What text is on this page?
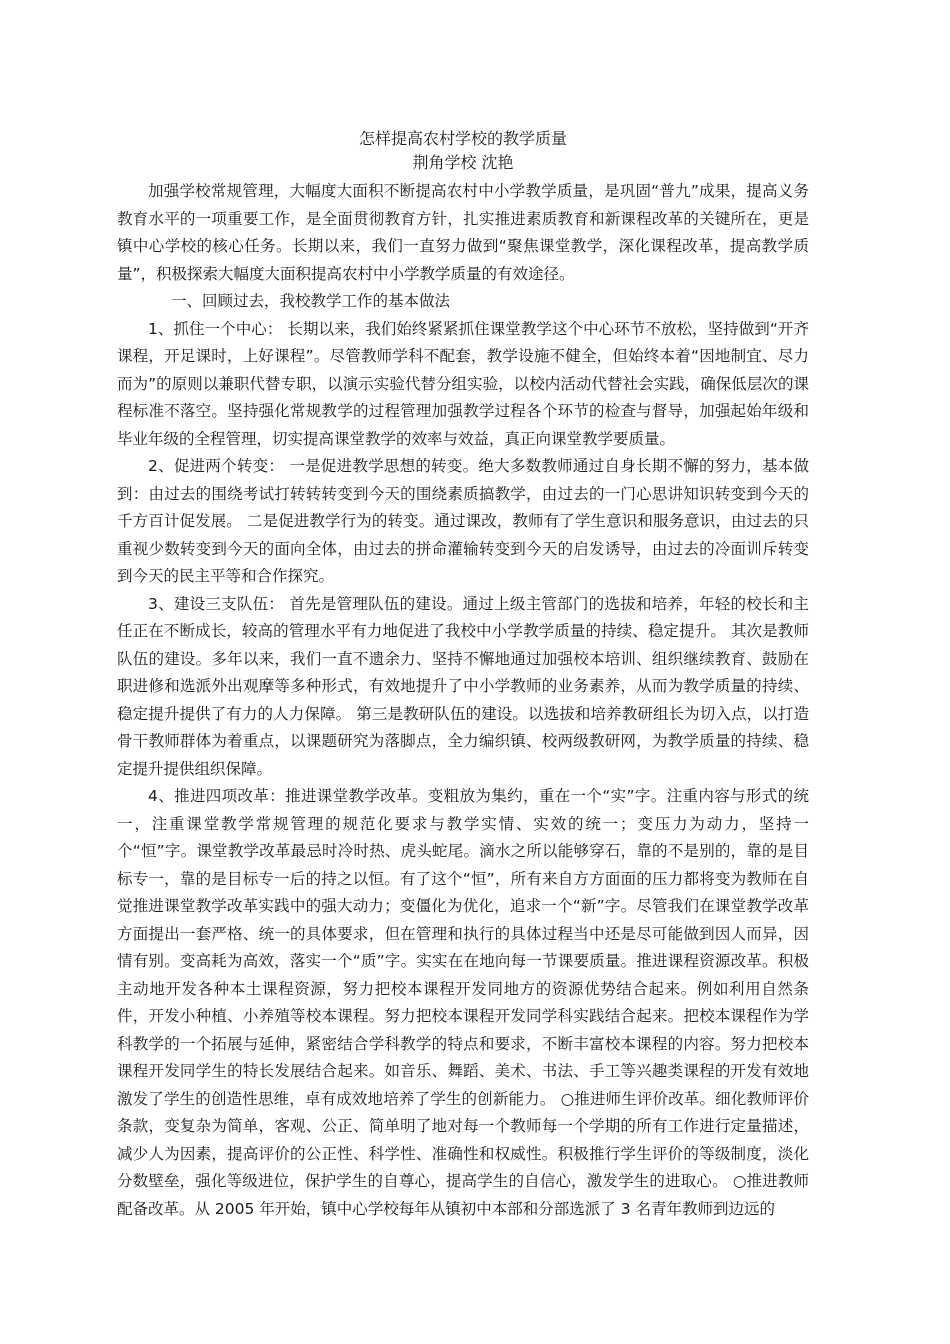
怎样提高农村学校的教学质量
荆角学校 沈艳

加强学校常规管理，大幅度大面积不断提高农村中小学教学质量，是巩固“普九”成果，提高义务教育水平的一项重要工作，是全面贯彻教育方针，扎实推进素质教育和新课程改革的关键所在，更是镇中心学校的核心任务。长期以来，我们一直努力做到“聚焦课堂教学，深化课程改革，提高教学质量”，积极探索大幅度大面积提高农村中小学教学质量的有效途径。

一、回顾过去，我校教学工作的基本做法

1、抓住一个中心： 长期以来，我们始终紧紧抓住课堂教学这个中心环节不放松，坚持做到“开齐课程，开足课时，上好课程”。尽管教师学科不配套，教学设施不健全，但始终本着“因地制宜、尽力而为”的原则以兼职代替专职，以演示实验代替分组实验，以校内活动代替社会实践，确保低层次的课程标准不落空。坚持强化常规教学的过程管理加强教学过程各个环节的检查与督导，加强起始年级和毕业年级的全程管理，切实提高课堂教学的效率与效益，真正向课堂教学要质量。

2、促进两个转变： 一是促进教学思想的转变。绝大多数教师通过自身长期不懈的努力，基本做到：由过去的围绕考试打转转转变到今天的围绕素质搞教学，由过去的一门心思讲知识转变到今天的千方百计促发展。 二是促进教学行为的转变。通过课改，教师有了学生意识和服务意识，由过去的只重视少数转变到今天的面向全体，由过去的拼命灌输转变到今天的启发诱导，由过去的冷面训斥转变到今天的民主平等和合作探究。

3、建设三支队伍： 首先是管理队伍的建设。通过上级主管部门的选拔和培养，年轻的校长和主任正在不断成长，较高的管理水平有力地促进了我校中小学教学质量的持续、稳定提升。 其次是教师队伍的建设。多年以来，我们一直不遗余力、坚持不懈地通过加强校本培训、组织继续教育、鼓励在职进修和选派外出观摩等多种形式，有效地提升了中小学教师的业务素养，从而为教学质量的持续、稳定提升提供了有力的人力保障。 第三是教研队伍的建设。以选拔和培养教研组长为切入点，以打造骨干教师群体为着重点，以课题研究为落脚点，全力编织镇、校两级教研网，为教学质量的持续、稳定提升提供组织保障。

4、推进四项改革：推进课堂教学改革。变粗放为集约，重在一个“实”字。注重内容与形式的统一，注重课堂教学常规管理的规范化要求与教学实情、实效的统一；变压力为动力，坚持一个“恒”字。课堂教学改革最忌时冷时热、虎头蛇尾。滴水之所以能够穿石，靠的不是别的，靠的是目标专一，靠的是目标专一后的持之以恒。有了这个“恒”，所有来自方方面面的压力都将变为教师在自觉推进课堂教学改革实践中的强大动力；变僵化为优化，追求一个“新”字。尽管我们在课堂教学改革方面提出一套严格、统一的具体要求，但在管理和执行的具体过程当中还是尽可能做到因人而异，因情有别。变高耗为高效，落实一个“质”字。实实在在地向每一节课要质量。推进课程资源改革。积极主动地开发各种本土课程资源，努力把校本课程开发同地方的资源优势结合起来。例如利用自然条件，开发小种植、小养殖等校本课程。努力把校本课程开发同学科实践结合起来。把校本课程作为学科教学的一个拓展与延伸，紧密结合学科教学的特点和要求，不断丰富校本课程的内容。努力把校本课程开发同学生的特长发展结合起来。如音乐、舞蹈、美术、书法、手工等兴趣类课程的开发有效地激发了学生的创造性思维，卓有成效地培养了学生的创新能力。 ○推进师生评价改革。细化教师评价条款，变复杂为简单，客观、公正、简单明了地对每一个教师每一个学期的所有工作进行定量描述，减少人为因素，提高评价的公正性、科学性、准确性和权威性。积极推行学生评价的等级制度，淡化分数壁垒，强化等级进位，保护学生的自尊心，提高学生的自信心，激发学生的进取心。 ○推进教师配备改革。从 2005 年开始，镇中心学校每年从镇初中本部和分部选派了 3 名青年教师到边远的
